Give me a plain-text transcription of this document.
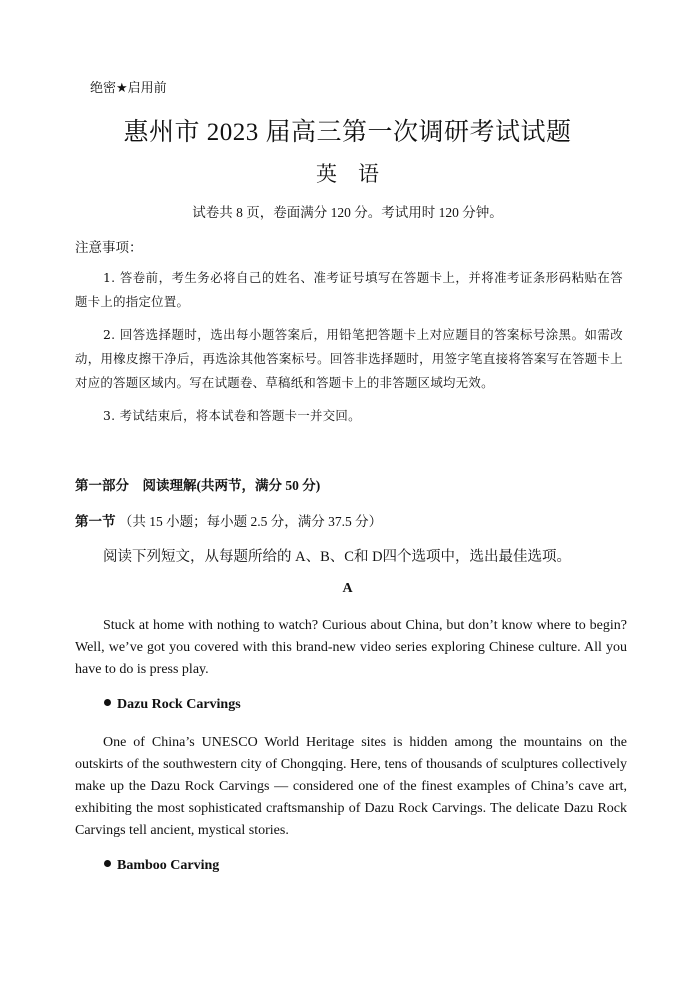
绝密★启用前
惠州市 2023 届高三第一次调研考试试题
英　语
试卷共 8 页，卷面满分 120 分。考试用时 120 分钟。
注意事项：
1. 答卷前，考生务必将自己的姓名、准考证号填写在答题卡上，并将准考证条形码粘贴在答题卡上的指定位置。
2. 回答选择题时，选出每小题答案后，用铅笔把答题卡上对应题目的答案标号涂黑。如需改动，用橡皮擦干净后，再选涂其他答案标号。回答非选择题时，用签字笔直接将答案写在答题卡上对应的答题区域内。写在试题卷、草稿纸和答题卡上的非答题区域均无效。
3. 考试结束后，将本试卷和答题卡一并交回。
第一部分　阅读理解(共两节，满分 50 分)
第一节 （共 15 小题；每小题 2.5 分，满分 37.5 分）
阅读下列短文，从每题所给的 A、B、C和 D四个选项中，选出最佳选项。
A
Stuck at home with nothing to watch? Curious about China, but don’t know where to begin? Well, we’ve got you covered with this brand-new video series exploring Chinese culture. All you have to do is press play.
Dazu Rock Carvings
One of China’s UNESCO World Heritage sites is hidden among the mountains on the outskirts of the southwestern city of Chongqing. Here, tens of thousands of sculptures collectively make up the Dazu Rock Carvings — considered one of the finest examples of China’s cave art, exhibiting the most sophisticated craftsmanship of Dazu Rock Carvings. The delicate Dazu Rock Carvings tell ancient, mystical stories.
Bamboo Carving
